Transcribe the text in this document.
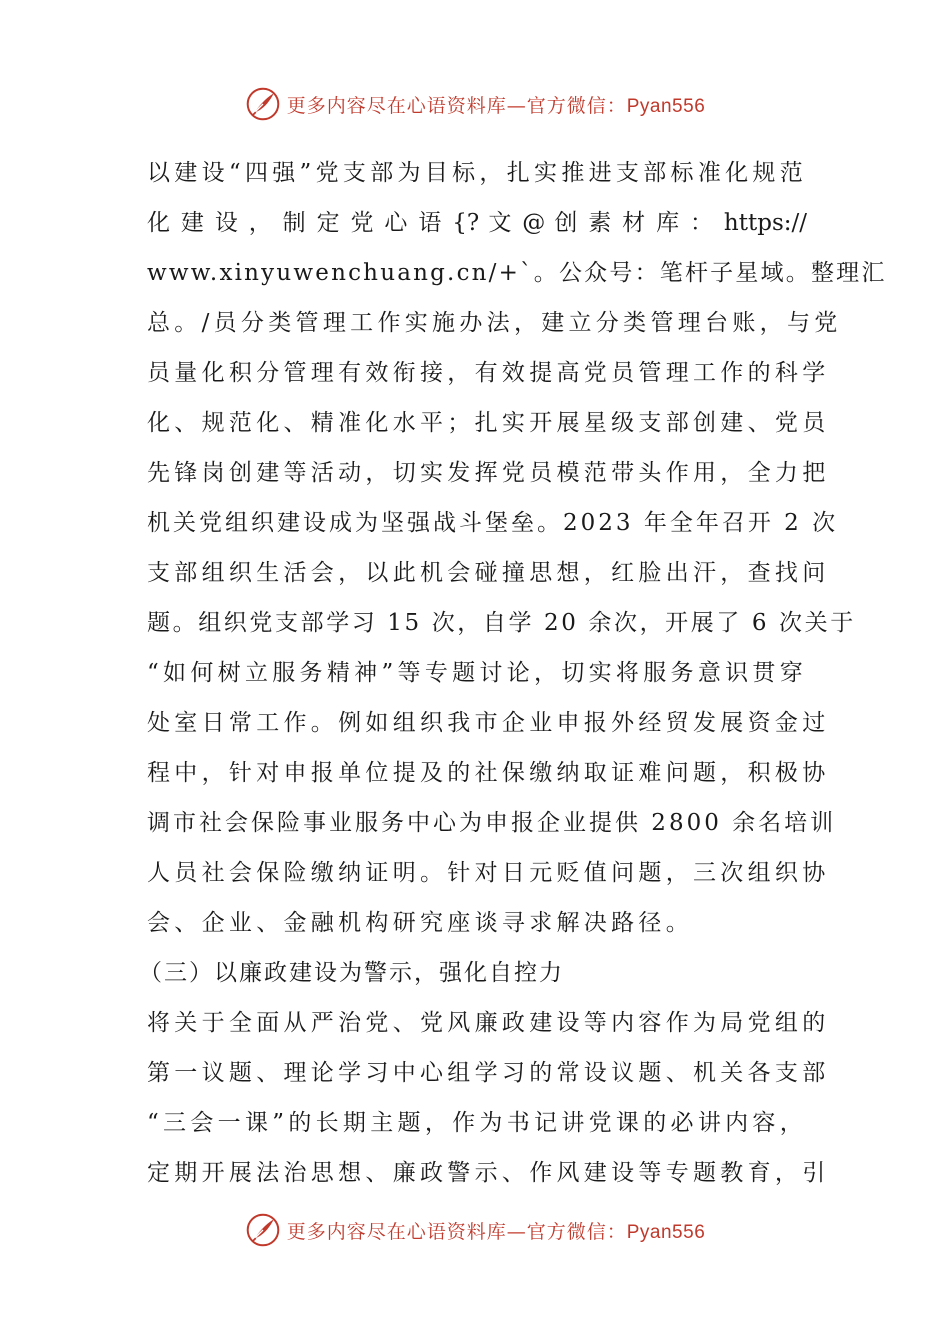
更多内容尽在心语资料库—官方微信：Pyan556
以建设“四强”党支部为目标，扎实推进支部标准化规范
化 建 设 ， 制 定 党 心 语 {? 文 @ 创 素 材 库 ： https://
www.xinyuwenchuang.cn/+`。公众号：笔杆子星域。整理汇
总。/员分类管理工作实施办法，建立分类管理台账，与党
员量化积分管理有效衔接，有效提高党员管理工作的科学
化、规范化、精准化水平；扎实开展星级支部创建、党员
先锋岗创建等活动，切实发挥党员模范带头作用，全力把
机关党组织建设成为坚强战斗堡垒。2023 年全年召开 2 次
支部组织生活会，以此机会碰撞思想，红脸出汗，查找问
题。组织党支部学习 15 次，自学 20 余次，开展了 6 次关于
“如何树立服务精神”等专题讨论，切实将服务意识贯穿
处室日常工作。例如组织我市企业申报外经贸发展资金过
程中，针对申报单位提及的社保缴纳取证难问题，积极协
调市社会保险事业服务中心为申报企业提供 2800 余名培训
人员社会保险缴纳证明。针对日元贬值问题，三次组织协
会、企业、金融机构研究座谈寻求解决路径。
（三）以廉政建设为警示，强化自控力
将关于全面从严治党、党风廉政建设等内容作为局党组的
第一议题、理论学习中心组学习的常设议题、机关各支部
“三会一课”的长期主题，作为书记讲党课的必讲内容，
定期开展法治思想、廉政警示、作风建设等专题教育，引
更多内容尽在心语资料库—官方微信：Pyan556
